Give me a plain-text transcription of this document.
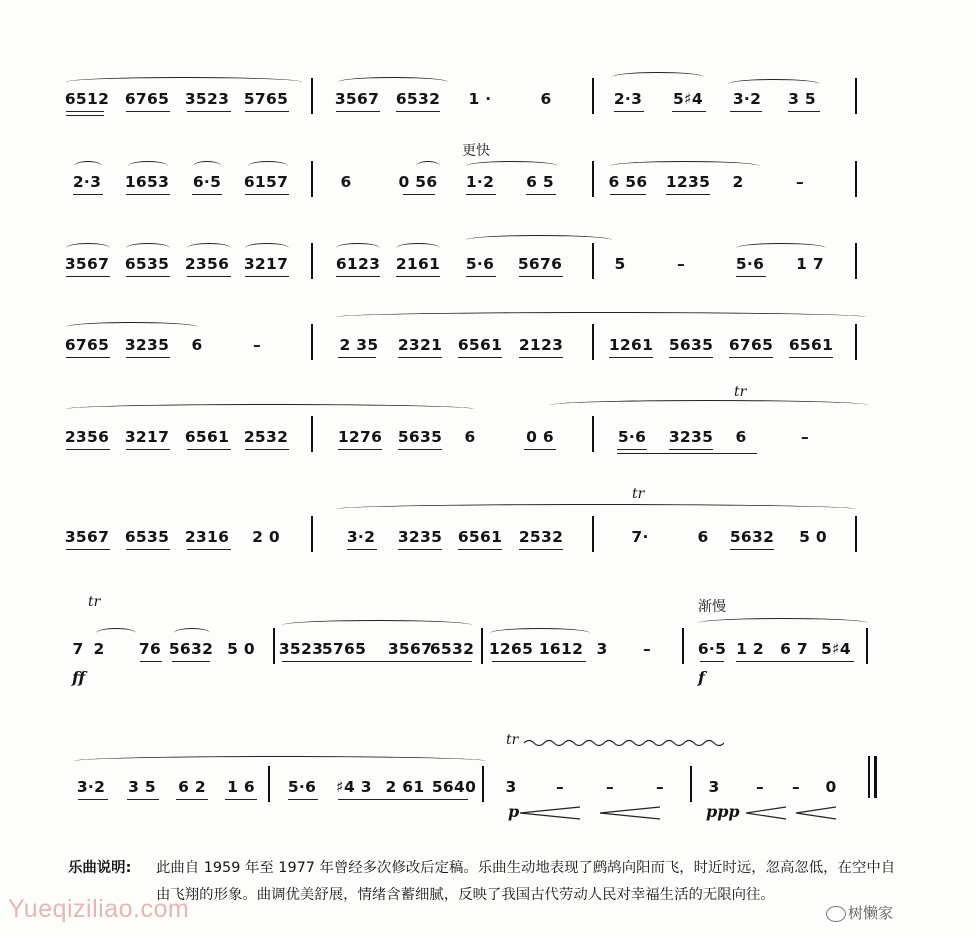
6512 6765 3523 5765	3567 6532 1 ·	6	2·3 5♯4 3·2 3 5
更快
2·3 1653 6·5 6157	6	0 56 1·2 6 5	6 56 1235 2	–
3567 6535 2356 3217	6123 2161 5·6 5676	5	–	5·6 1 7
6765 3235 6	–	2 35 2321 6561 2123	1261 5635 6765 6561
tr
2356 3217 6561 2532	1276 5635 6	0 6	5·6 3235 6	–
tr
3567 6535 2316 2 0	3·2 3235 6561 2532	7·	6 5632 5 0
tr	渐慢
7 2 76 5632 5 0 3523
5765 3567
6532 1265 1612 3 –	6·5 1 2 6 7 5♯4
ff	f
tr
3·2 3 5 6 2 1 6 5·6 ♯4 3 2 61 5640 3	–	–	–	3 – – 0
p	ppp
乐曲说明: 此曲自 1959 年至 1977 年曾经多次修改后定稿。乐曲生动地表现了鹧鸪向阳而飞，时近时远，忽高忽低，在空中自由飞翔的形象。曲调优美舒展，情绪含蓄细腻，反映了我国古代劳动人民对幸福生活的无限向往。
Yueqiziliao.com	树懒家
